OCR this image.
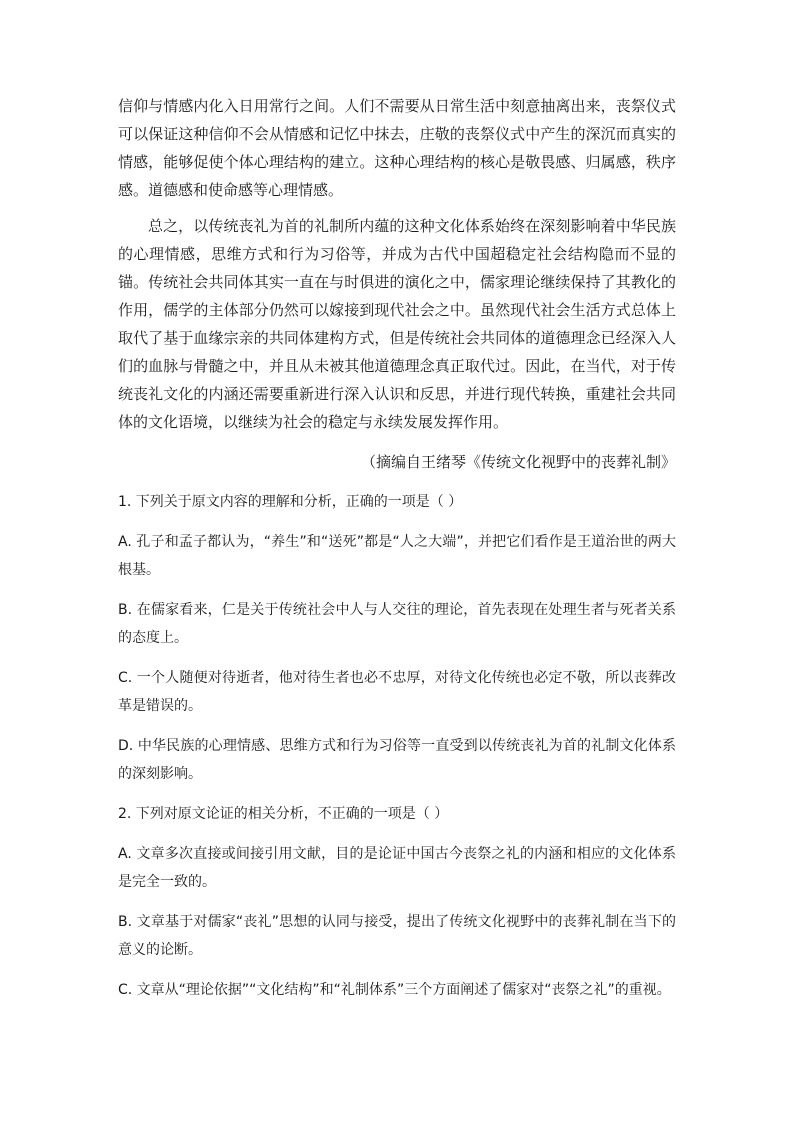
信仰与情感内化入日用常行之间。人们不需要从日常生活中刻意抽离出来，丧祭仪式可以保证这种信仰不会从情感和记忆中抹去，庄敬的丧祭仪式中产生的深沉而真实的情感，能够促使个体心理结构的建立。这种心理结构的核心是敬畏感、归属感，秩序感。道德感和使命感等心理情感。

总之，以传统丧礼为首的礼制所内蕴的这种文化体系始终在深刻影响着中华民族的心理情感，思维方式和行为习俗等，并成为古代中国超稳定社会结构隐而不显的锚。传统社会共同体其实一直在与时俱进的演化之中，儒家理论继续保持了其教化的作用，儒学的主体部分仍然可以嫁接到现代社会之中。虽然现代社会生活方式总体上取代了基于血缘宗亲的共同体建构方式，但是传统社会共同体的道德理念已经深入人们的血脉与骨髓之中，并且从未被其他道德理念真正取代过。因此，在当代，对于传统丧礼文化的内涵还需要重新进行深入认识和反思，并进行现代转换，重建社会共同体的文化语境，以继续为社会的稳定与永续发展发挥作用。

（摘编自王绪琴《传统文化视野中的丧葬礼制》

1. 下列关于原文内容的理解和分析，正确的一项是（ ）

A. 孔子和孟子都认为，“养生”和“送死”都是“人之大端”，并把它们看作是王道治世的两大根基。

B. 在儒家看来，仁是关于传统社会中人与人交往的理论，首先表现在处理生者与死者关系的态度上。

C. 一个人随便对待逝者，他对待生者也必不忠厚，对待文化传统也必定不敬，所以丧葬改革是错误的。

D. 中华民族的心理情感、思维方式和行为习俗等一直受到以传统丧礼为首的礼制文化体系的深刻影响。

2. 下列对原文论证的相关分析，不正确的一项是（ ）

A. 文章多次直接或间接引用文献，目的是论证中国古今丧祭之礼的内涵和相应的文化体系是完全一致的。

B. 文章基于对儒家“丧礼”思想的认同与接受，提出了传统文化视野中的丧葬礼制在当下的意义的论断。

C. 文章从“理论依据”“文化结构”和“礼制体系”三个方面阐述了儒家对“丧祭之礼”的重视。
